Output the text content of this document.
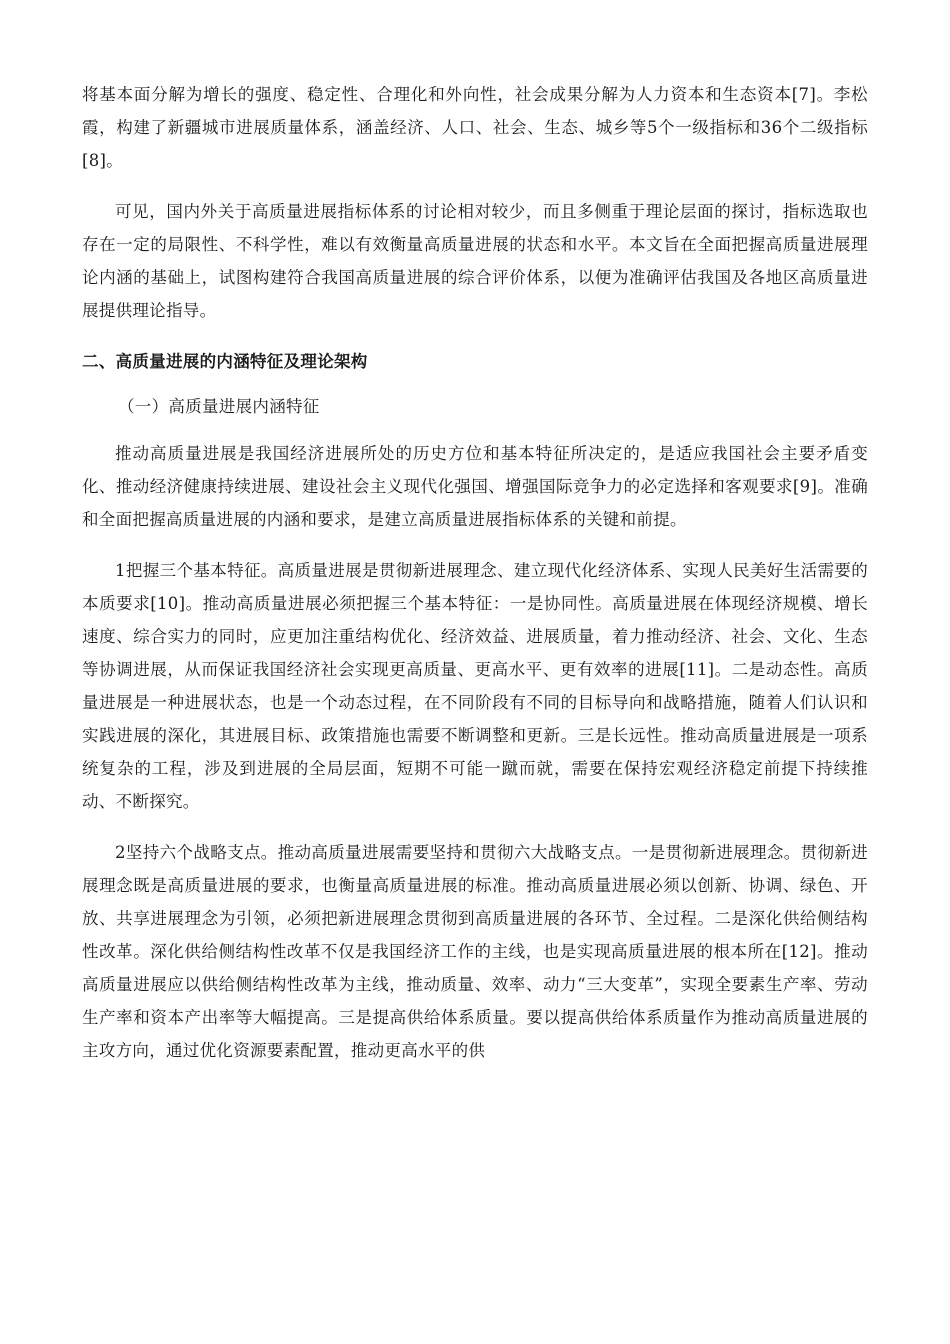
将基本面分解为增长的强度、稳定性、合理化和外向性，社会成果分解为人力资本和生态资本[7]。李松霞，构建了新疆城市进展质量体系，涵盖经济、人口、社会、生态、城乡等5个一级指标和36个二级指标[8]。

可见，国内外关于高质量进展指标体系的讨论相对较少，而且多侧重于理论层面的探讨，指标选取也存在一定的局限性、不科学性，难以有效衡量高质量进展的状态和水平。本文旨在全面把握高质量进展理论内涵的基础上，试图构建符合我国高质量进展的综合评价体系，以便为准确评估我国及各地区高质量进展提供理论指导。

二、高质量进展的内涵特征及理论架构
（一）高质量进展内涵特征

推动高质量进展是我国经济进展所处的历史方位和基本特征所决定的，是适应我国社会主要矛盾变化、推动经济健康持续进展、建设社会主义现代化强国、增强国际竞争力的必定选择和客观要求[9]。准确和全面把握高质量进展的内涵和要求，是建立高质量进展指标体系的关键和前提。

1把握三个基本特征。高质量进展是贯彻新进展理念、建立现代化经济体系、实现人民美好生活需要的本质要求[10]。推动高质量进展必须把握三个基本特征：一是协同性。高质量进展在体现经济规模、增长速度、综合实力的同时，应更加注重结构优化、经济效益、进展质量，着力推动经济、社会、文化、生态等协调进展，从而保证我国经济社会实现更高质量、更高水平、更有效率的进展[11]。二是动态性。高质量进展是一种进展状态，也是一个动态过程，在不同阶段有不同的目标导向和战略措施，随着人们认识和实践进展的深化，其进展目标、政策措施也需要不断调整和更新。三是长远性。推动高质量进展是一项系统复杂的工程，涉及到进展的全局层面，短期不可能一蹴而就，需要在保持宏观经济稳定前提下持续推动、不断探究。

2坚持六个战略支点。推动高质量进展需要坚持和贯彻六大战略支点。一是贯彻新进展理念。贯彻新进展理念既是高质量进展的要求，也衡量高质量进展的标准。推动高质量进展必须以创新、协调、绿色、开放、共享进展理念为引领，必须把新进展理念贯彻到高质量进展的各环节、全过程。二是深化供给侧结构性改革。深化供给侧结构性改革不仅是我国经济工作的主线，也是实现高质量进展的根本所在[12]。推动高质量进展应以供给侧结构性改革为主线，推动质量、效率、动力“三大变革”，实现全要素生产率、劳动生产率和资本产出率等大幅提高。三是提高供给体系质量。要以提高供给体系质量作为推动高质量进展的主攻方向，通过优化资源要素配置，推动更高水平的供
